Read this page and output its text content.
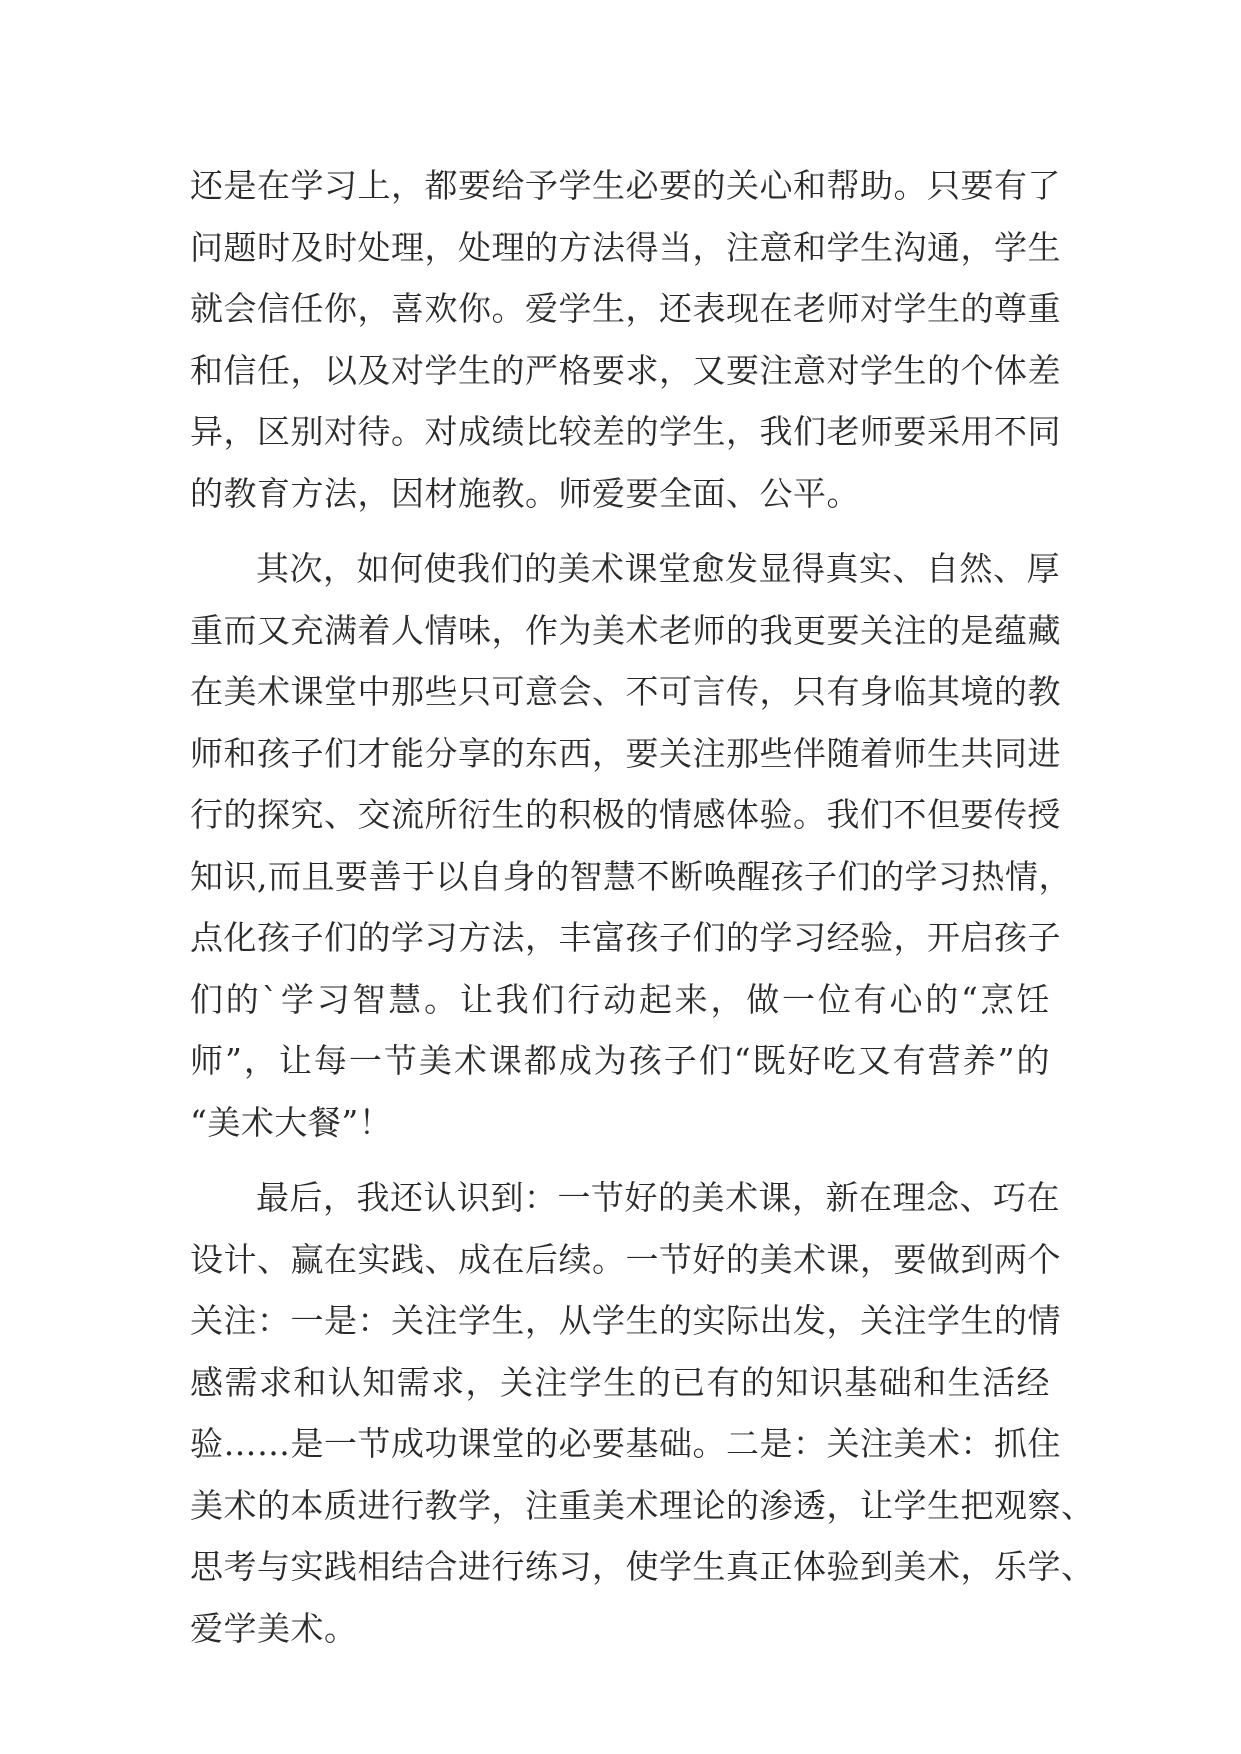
还是在学习上，都要给予学生必要的关心和帮助。只要有了
问题时及时处理，处理的方法得当，注意和学生沟通，学生
就会信任你，喜欢你。爱学生，还表现在老师对学生的尊重
和信任，以及对学生的严格要求，又要注意对学生的个体差
异，区别对待。对成绩比较差的学生，我们老师要采用不同
的教育方法，因材施教。师爱要全面、公平。
其次，如何使我们的美术课堂愈发显得真实、自然、厚
重而又充满着人情味，作为美术老师的我更要关注的是蕴藏
在美术课堂中那些只可意会、不可言传，只有身临其境的教
师和孩子们才能分享的东西，要关注那些伴随着师生共同进
行的探究、交流所衍生的积极的情感体验。我们不但要传授
知识,而且要善于以自身的智慧不断唤醒孩子们的学习热情，
点化孩子们的学习方法，丰富孩子们的学习经验，开启孩子
们的`学习智慧。让我们行动起来，做一位有心的“烹饪
师”，让每一节美术课都成为孩子们“既好吃又有营养”的
“美术大餐”！
最后，我还认识到：一节好的美术课，新在理念、巧在
设计、赢在实践、成在后续。一节好的美术课，要做到两个
关注：一是：关注学生，从学生的实际出发，关注学生的情
感需求和认知需求，关注学生的已有的知识基础和生活经
验……是一节成功课堂的必要基础。二是：关注美术：抓住
美术的本质进行教学，注重美术理论的渗透，让学生把观察、
思考与实践相结合进行练习，使学生真正体验到美术，乐学、
爱学美术。
